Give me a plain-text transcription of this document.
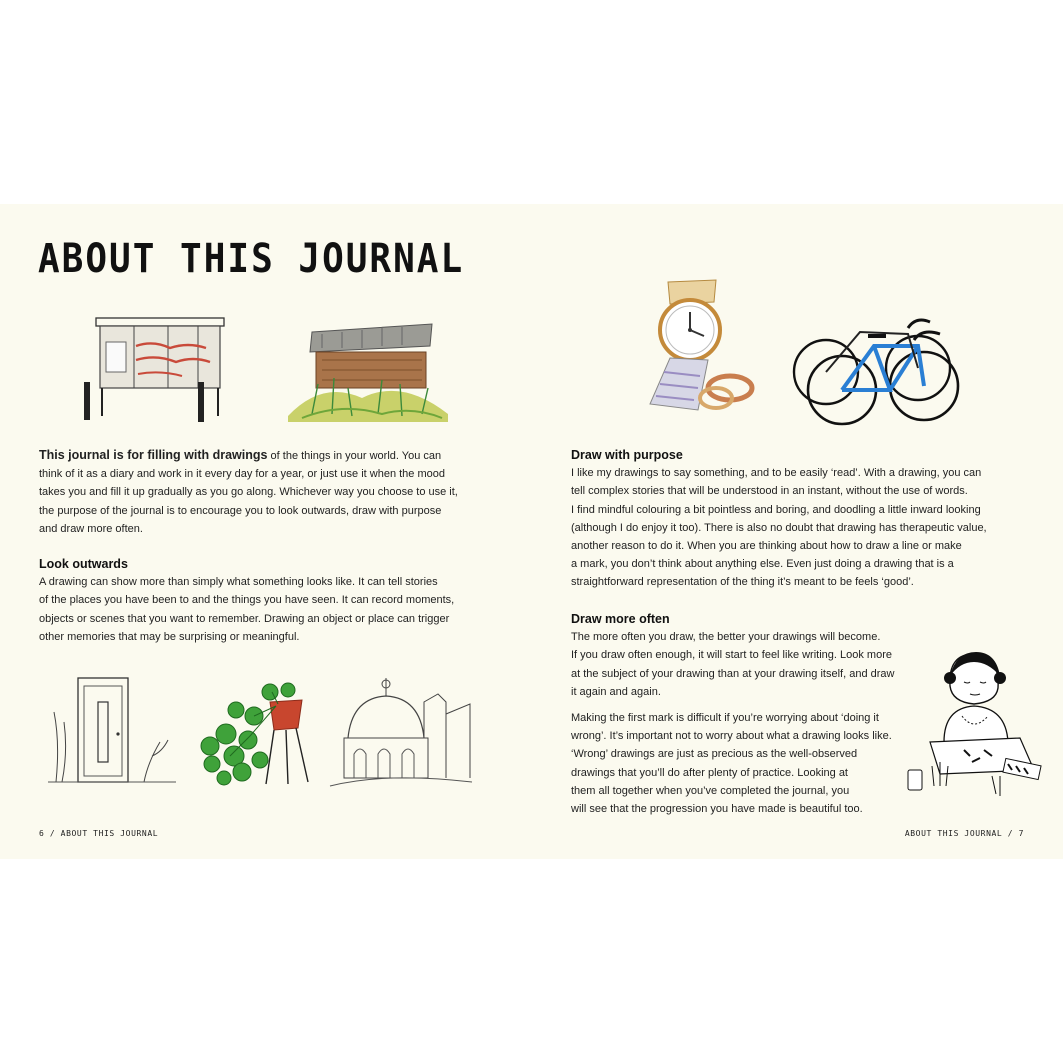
ABOUT THIS JOURNAL

This journal is for filling with drawings of the things in your world. You can

think of it as a diary and work in it every day for a year, or just use it when the mood

takes you and fill it up gradually as you go along. Whichever way you choose to use it,

the purpose of the journal is to encourage you to look outwards, draw with purpose

and draw more often.

Look outwards

A drawing can show more than simply what something looks like. It can tell stories

of the places you have been to and the things you have seen. It can record moments,

objects or scenes that you want to remember. Drawing an object or place can trigger

other memories that may be surprising or meaningful.

Draw with purpose

I like my drawings to say something, and to be easily ‘read’. With a drawing, you can

tell complex stories that will be understood in an instant, without the use of words.

I find mindful colouring a bit pointless and boring, and doodling a little inward looking

(although I do enjoy it too). There is also no doubt that drawing has therapeutic value,

another reason to do it. When you are thinking about how to draw a line or make

a mark, you don’t think about anything else. Even just doing a drawing that is a

straightforward representation of the thing it’s meant to be feels ‘good’.

Draw more often

The more often you draw, the better your drawings will become.

If you draw often enough, it will start to feel like writing. Look more

at the subject of your drawing than at your drawing itself, and draw

it again and again.

Making the first mark is difficult if you’re worrying about ‘doing it

wrong’. It’s important not to worry about what a drawing looks like.

‘Wrong’ drawings are just as precious as the well-observed

drawings that you’ll do after plenty of practice. Looking at

them all together when you’ve completed the journal, you

will see that the progression you have made is beautiful too.

6 / ABOUT THIS JOURNAL	ABOUT THIS JOURNAL / 7
